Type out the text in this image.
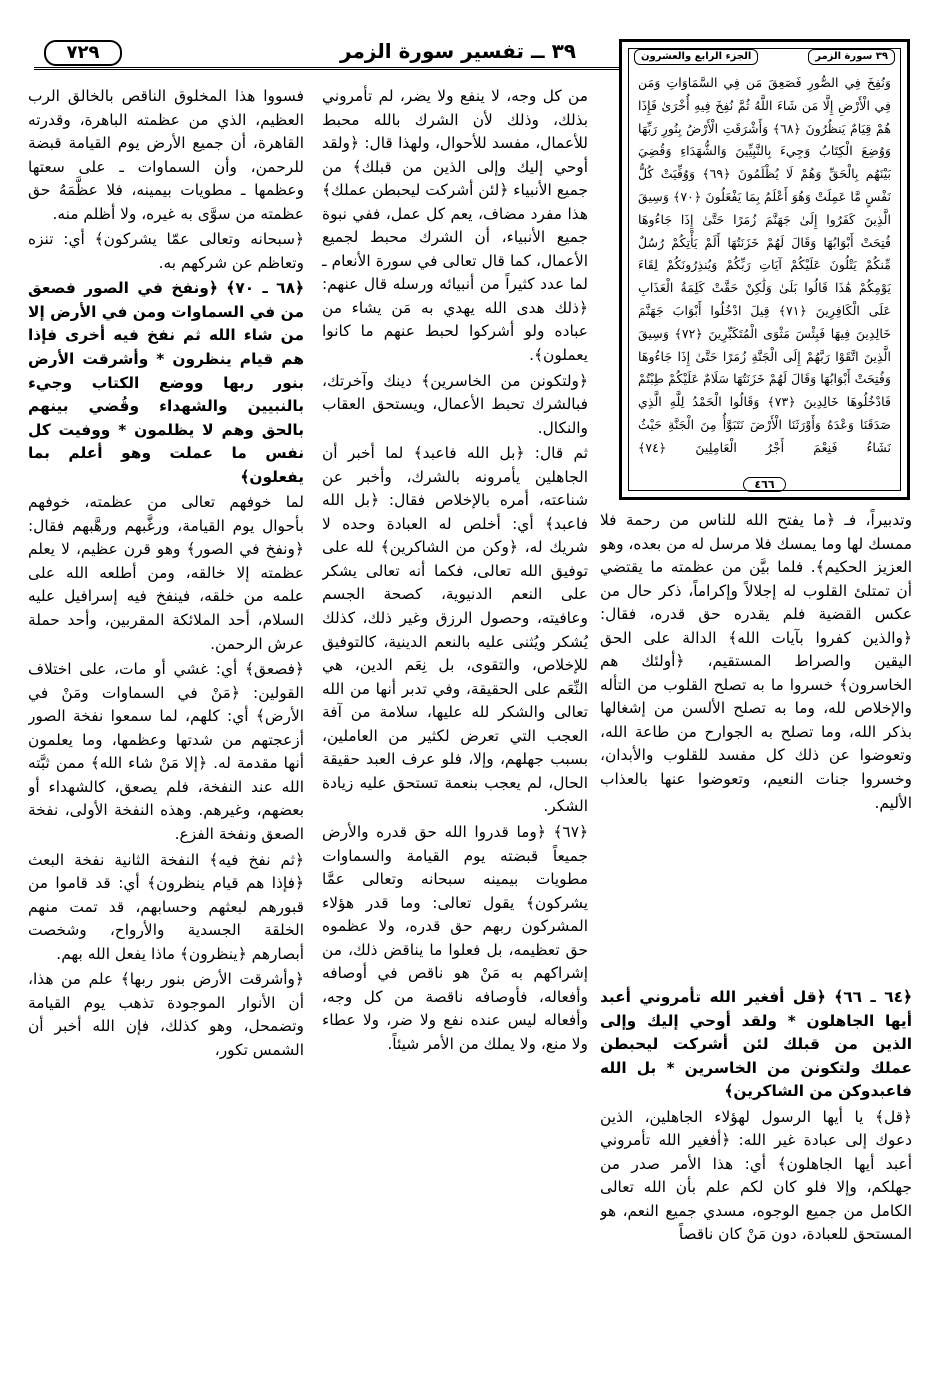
٧٢٩	٣٩ ــ تفسير سورة الزمر	٣٩ سورة الزمر
الجزء الرابع والعشرون

وَنُفِخَ فِي الصُّورِ فَصَعِقَ مَن فِي السَّمَاوَاتِ وَمَن فِي الْأَرْضِ إِلَّا مَن شَاءَ اللَّهُ ثُمَّ نُفِخَ فِيهِ أُخْرَىٰ فَإِذَا هُمْ قِيَامٌ يَنظُرُونَ ﴿٦٨﴾ وَأَشْرَقَتِ الْأَرْضُ بِنُورِ رَبِّهَا وَوُضِعَ الْكِتَابُ وَجِيءَ بِالنَّبِيِّينَ وَالشُّهَدَاءِ وَقُضِيَ بَيْنَهُم بِالْحَقِّ وَهُمْ لَا يُظْلَمُونَ ﴿٦٩﴾ وَوُفِّيَتْ كُلُّ نَفْسٍ مَّا عَمِلَتْ وَهُوَ أَعْلَمُ بِمَا يَفْعَلُونَ ﴿٧٠﴾ وَسِيقَ الَّذِينَ كَفَرُوا إِلَىٰ جَهَنَّمَ زُمَرًا حَتَّىٰ إِذَا جَاءُوهَا فُتِحَتْ أَبْوَابُهَا وَقَالَ لَهُمْ خَزَنَتُهَا أَلَمْ يَأْتِكُمْ رُسُلٌ مِّنكُمْ يَتْلُونَ عَلَيْكُمْ آيَاتِ رَبِّكُمْ وَيُنذِرُونَكُمْ لِقَاءَ يَوْمِكُمْ هَٰذَا قَالُوا بَلَىٰ وَلَٰكِنْ حَقَّتْ كَلِمَةُ الْعَذَابِ عَلَى الْكَافِرِينَ ﴿٧١﴾ قِيلَ ادْخُلُوا أَبْوَابَ جَهَنَّمَ خَالِدِينَ فِيهَا فَبِئْسَ مَثْوَى الْمُتَكَبِّرِينَ ﴿٧٢﴾ وَسِيقَ الَّذِينَ اتَّقَوْا رَبَّهُمْ إِلَى الْجَنَّةِ زُمَرًا حَتَّىٰ إِذَا جَاءُوهَا وَفُتِحَتْ أَبْوَابُهَا وَقَالَ لَهُمْ خَزَنَتُهَا سَلَامٌ عَلَيْكُمْ طِبْتُمْ فَادْخُلُوهَا خَالِدِينَ ﴿٧٣﴾ وَقَالُوا الْحَمْدُ لِلَّهِ الَّذِي صَدَقَنَا وَعْدَهُ وَأَوْرَثَنَا الْأَرْضَ نَتَبَوَّأُ مِنَ الْجَنَّةِ حَيْثُ نَشَاءُ فَنِعْمَ أَجْرُ الْعَامِلِينَ ﴿٧٤﴾

٤٦٦

وتدبيراً، فـ ﴿ما يفتح الله للناس من رحمة فلا ممسك لها وما يمسك فلا مرسل له من بعده، وهو العزيز الحكيم﴾. فلما بيَّن من عظمته ما يقتضي أن تمتلئ القلوب له إجلالاً وإكراماً، ذكر حال من عكس القضية فلم يقدره حق قدره، فقال: ﴿والذين كفروا بآيات الله﴾ الدالة على الحق اليقين والصراط المستقيم، ﴿أولئك هم الخاسرون﴾ خسروا ما به تصلح القلوب من التأله والإخلاص لله، وما به تصلح الألسن من إشغالها بذكر الله، وما تصلح به الجوارح من طاعة الله، وتعوضوا عن ذلك كل مفسد للقلوب والأبدان، وخسروا جنات النعيم، وتعوضوا عنها بالعذاب الأليم.

﴿٦٤ ـ ٦٦﴾ ﴿قل أفغير الله تأمروني أعبد أيها الجاهلون * ولقد أوحي إليك وإلى الذين من قبلك لئن أشركت ليحبطن عملك ولتكونن من الخاسرين * بل الله فاعبدوكن من الشاكرين﴾

﴿قل﴾ يا أيها الرسول لهؤلاء الجاهلين، الذين دعوك إلى عبادة غير الله: ﴿أفغير الله تأمروني أعبد أيها الجاهلون﴾ أي: هذا الأمر صدر من جهلكم، وإلا فلو كان لكم علم بأن الله تعالى الكامل من جميع الوجوه، مسدي جميع النعم، هو المستحق للعبادة، دون مَنْ كان ناقصاً

من كل وجه، لا ينفع ولا يضر، لم تأمروني بذلك، وذلك لأن الشرك بالله محبط للأعمال، مفسد للأحوال، ولهذا قال: ﴿ولقد أوحي إليك وإلى الذين من قبلك﴾ من جميع الأنبياء ﴿لئن أشركت ليحبطن عملك﴾ هذا مفرد مضاف، يعم كل عمل، ففي نبوة جميع الأنبياء، أن الشرك محبط لجميع الأعمال، كما قال تعالى في سورة الأنعام ـ لما عدد كثيراً من أنبيائه ورسله قال عنهم: ﴿ذلك هدى الله يهدي به مَن يشاء من عباده ولو أشركوا لحبط عنهم ما كانوا يعملون﴾.

﴿ولتكونن من الخاسرين﴾ دينك وآخرتك، فبالشرك تحبط الأعمال، ويستحق العقاب والنكال.

ثم قال: ﴿بل الله فاعبد﴾ لما أخبر أن الجاهلين يأمرونه بالشرك، وأخبر عن شناعته، أمره بالإخلاص فقال: ﴿بل الله فاعبد﴾ أي: أخلص له العبادة وحده لا شريك له، ﴿وكن من الشاكرين﴾ لله على توفيق الله تعالى، فكما أنه تعالى يشكر على النعم الدنيوية، كصحة الجسم وعافيته، وحصول الرزق وغير ذلك، كذلك يُشكر ويُثنى عليه بالنعم الدينية، كالتوفيق للإخلاص، والتقوى، بل نِعَم الدين، هي النِّعَم على الحقيقة، وفي تدبر أنها من الله تعالى والشكر لله عليها، سلامة من آفة العجب التي تعرض لكثير من العاملين، بسبب جهلهم، وإلا، فلو عرف العبد حقيقة الحال، لم يعجب بنعمة تستحق عليه زيادة الشكر.

﴿٦٧﴾ ﴿وما قدروا الله حق قدره والأرض جميعاً قبضته يوم القيامة والسماوات مطويات بيمينه سبحانه وتعالى عمَّا يشركون﴾ يقول تعالى: وما قدر هؤلاء المشركون ربهم حق قدره، ولا عظموه حق تعظيمه، بل فعلوا ما يناقض ذلك، من إشراكهم به مَنْ هو ناقص في أوصافه وأفعاله، فأوصافه ناقصة من كل وجه، وأفعاله ليس عنده نفع ولا ضر، ولا عطاء ولا منع، ولا يملك من الأمر شيئاً.

فسووا هذا المخلوق الناقص بالخالق الرب العظيم، الذي من عظمته الباهرة، وقدرته القاهرة، أن جميع الأرض يوم القيامة قبضة للرحمن، وأن السماوات ـ على سعتها وعظمها ـ مطويات بيمينه، فلا عظَّمَهُ حق عظمته من سوَّى به غيره، ولا أظلم منه.

﴿سبحانه وتعالى عمّا يشركون﴾ أي: تنزه وتعاظم عن شركهم به.

﴿٦٨ ـ ٧٠﴾ ﴿ونفخ في الصور فصعق من في السماوات ومن في الأرض إلا من شاء الله ثم نفخ فيه أخرى فإذا هم قيام ينظرون * وأشرقت الأرض بنور ربها ووضع الكتاب وجيء بالنبيين والشهداء وقُضي بينهم بالحق وهم لا يظلمون * ووفيت كل نفس ما عملت وهو أعلم بما يفعلون﴾

لما خوفهم تعالى من عظمته، خوفهم بأحوال يوم القيامة، ورغَّبهم ورهَّبهم فقال: ﴿ونفخ في الصور﴾ وهو قرن عظيم، لا يعلم عظمته إلا خالقه، ومن أطلعه الله على علمه من خلقه، فينفخ فيه إسرافيل عليه السلام، أحد الملائكة المقربين، وأحد حملة عرش الرحمن.

﴿فصعق﴾ أي: غشي أو مات، على اختلاف القولين: ﴿مَنْ في السماوات ومَنْ في الأرض﴾ أي: كلهم، لما سمعوا نفخة الصور أزعجتهم من شدتها وعظمها، وما يعلمون أنها مقدمة له. ﴿إلا مَنْ شاء الله﴾ ممن ثبَّته الله عند النفخة، فلم يصعق، كالشهداء أو بعضهم، وغيرهم. وهذه النفخة الأولى، نفخة الصعق ونفخة الفزع.

﴿ثم نفخ فيه﴾ النفخة الثانية نفخة البعث ﴿فإذا هم قيام ينظرون﴾ أي: قد قاموا من قبورهم لبعثهم وحسابهم، قد تمت منهم الخلقة الجسدية والأرواح، وشخصت أبصارهم ﴿ينظرون﴾ ماذا يفعل الله بهم.

﴿وأشرقت الأرض بنور ربها﴾ علم من هذا، أن الأنوار الموجودة تذهب يوم القيامة وتضمحل، وهو كذلك، فإن الله أخبر أن الشمس تكور،
